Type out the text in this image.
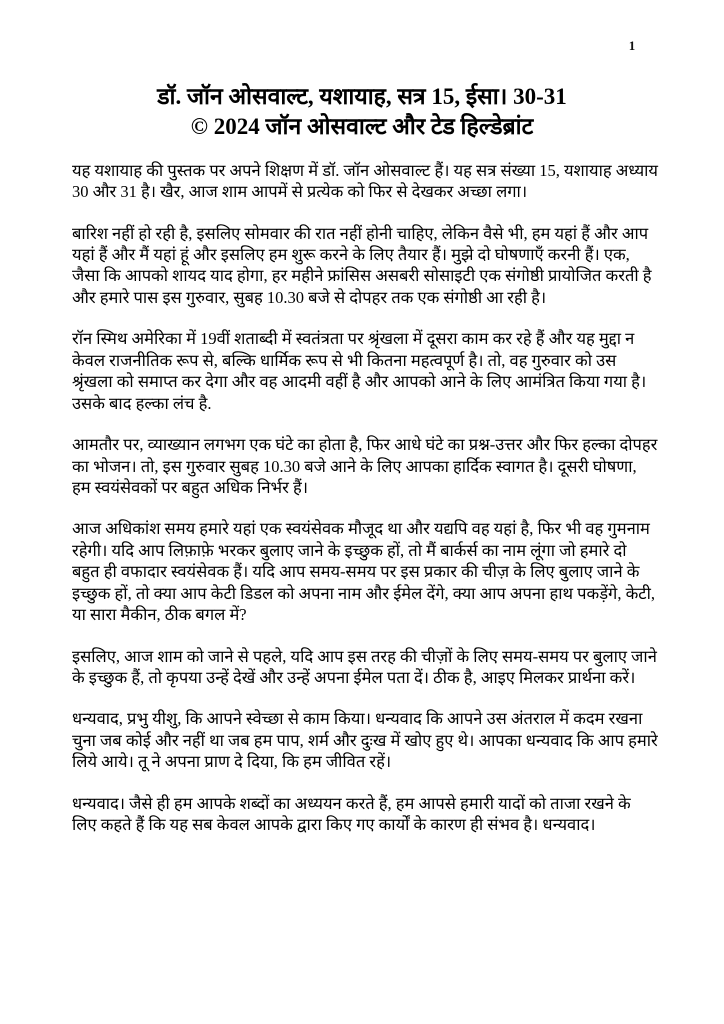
1
डॉ. जॉन ओसवाल्ट, यशायाह, सत्र 15, ईसा। 30-31
© 2024 जॉन ओसवाल्ट और टेड हिल्डेब्रांट

यह यशायाह की पुस्तक पर अपने शिक्षण में डॉ. जॉन ओसवाल्ट हैं। यह सत्र संख्या 15, यशायाह अध्याय 30 और 31 है। खैर, आज शाम आपमें से प्रत्येक को फिर से देखकर अच्छा लगा।

बारिश नहीं हो रही है, इसलिए सोमवार की रात नहीं होनी चाहिए, लेकिन वैसे भी, हम यहां हैं और आप यहां हैं और मैं यहां हूं और इसलिए हम शुरू करने के लिए तैयार हैं। मुझे दो घोषणाएँ करनी हैं। एक, जैसा कि आपको शायद याद होगा, हर महीने फ्रांसिस असबरी सोसाइटी एक संगोष्ठी प्रायोजित करती है और हमारे पास इस गुरुवार, सुबह 10.30 बजे से दोपहर तक एक संगोष्ठी आ रही है।

रॉन स्मिथ अमेरिका में 19वीं शताब्दी में स्वतंत्रता पर श्रृंखला में दूसरा काम कर रहे हैं और यह मुद्दा न केवल राजनीतिक रूप से, बल्कि धार्मिक रूप से भी कितना महत्वपूर्ण है। तो, वह गुरुवार को उस श्रृंखला को समाप्त कर देगा और वह आदमी वहीं है और आपको आने के लिए आमंत्रित किया गया है। उसके बाद हल्का लंच है.

आमतौर पर, व्याख्यान लगभग एक घंटे का होता है, फिर आधे घंटे का प्रश्न-उत्तर और फिर हल्का दोपहर का भोजन। तो, इस गुरुवार सुबह 10.30 बजे आने के लिए आपका हार्दिक स्वागत है। दूसरी घोषणा, हम स्वयंसेवकों पर बहुत अधिक निर्भर हैं।

आज अधिकांश समय हमारे यहां एक स्वयंसेवक मौजूद था और यद्यपि वह यहां है, फिर भी वह गुमनाम रहेगी। यदि आप लिफ़ाफ़े भरकर बुलाए जाने के इच्छुक हों, तो मैं बार्कर्स का नाम लूंगा जो हमारे दो बहुत ही वफादार स्वयंसेवक हैं। यदि आप समय-समय पर इस प्रकार की चीज़ के लिए बुलाए जाने के इच्छुक हों, तो क्या आप केटी डिडल को अपना नाम और ईमेल देंगे, क्या आप अपना हाथ पकड़ेंगे, केटी, या सारा मैकीन, ठीक बगल में?

इसलिए, आज शाम को जाने से पहले, यदि आप इस तरह की चीज़ों के लिए समय-समय पर बुलाए जाने के इच्छुक हैं, तो कृपया उन्हें देखें और उन्हें अपना ईमेल पता दें। ठीक है, आइए मिलकर प्रार्थना करें।

धन्यवाद, प्रभु यीशु, कि आपने स्वेच्छा से काम किया। धन्यवाद कि आपने उस अंतराल में कदम रखना चुना जब कोई और नहीं था जब हम पाप, शर्म और दुःख में खोए हुए थे। आपका धन्यवाद कि आप हमारे लिये आये। तू ने अपना प्राण दे दिया, कि हम जीवित रहें।

धन्यवाद। जैसे ही हम आपके शब्दों का अध्ययन करते हैं, हम आपसे हमारी यादों को ताजा रखने के लिए कहते हैं कि यह सब केवल आपके द्वारा किए गए कार्यों के कारण ही संभव है। धन्यवाद।
